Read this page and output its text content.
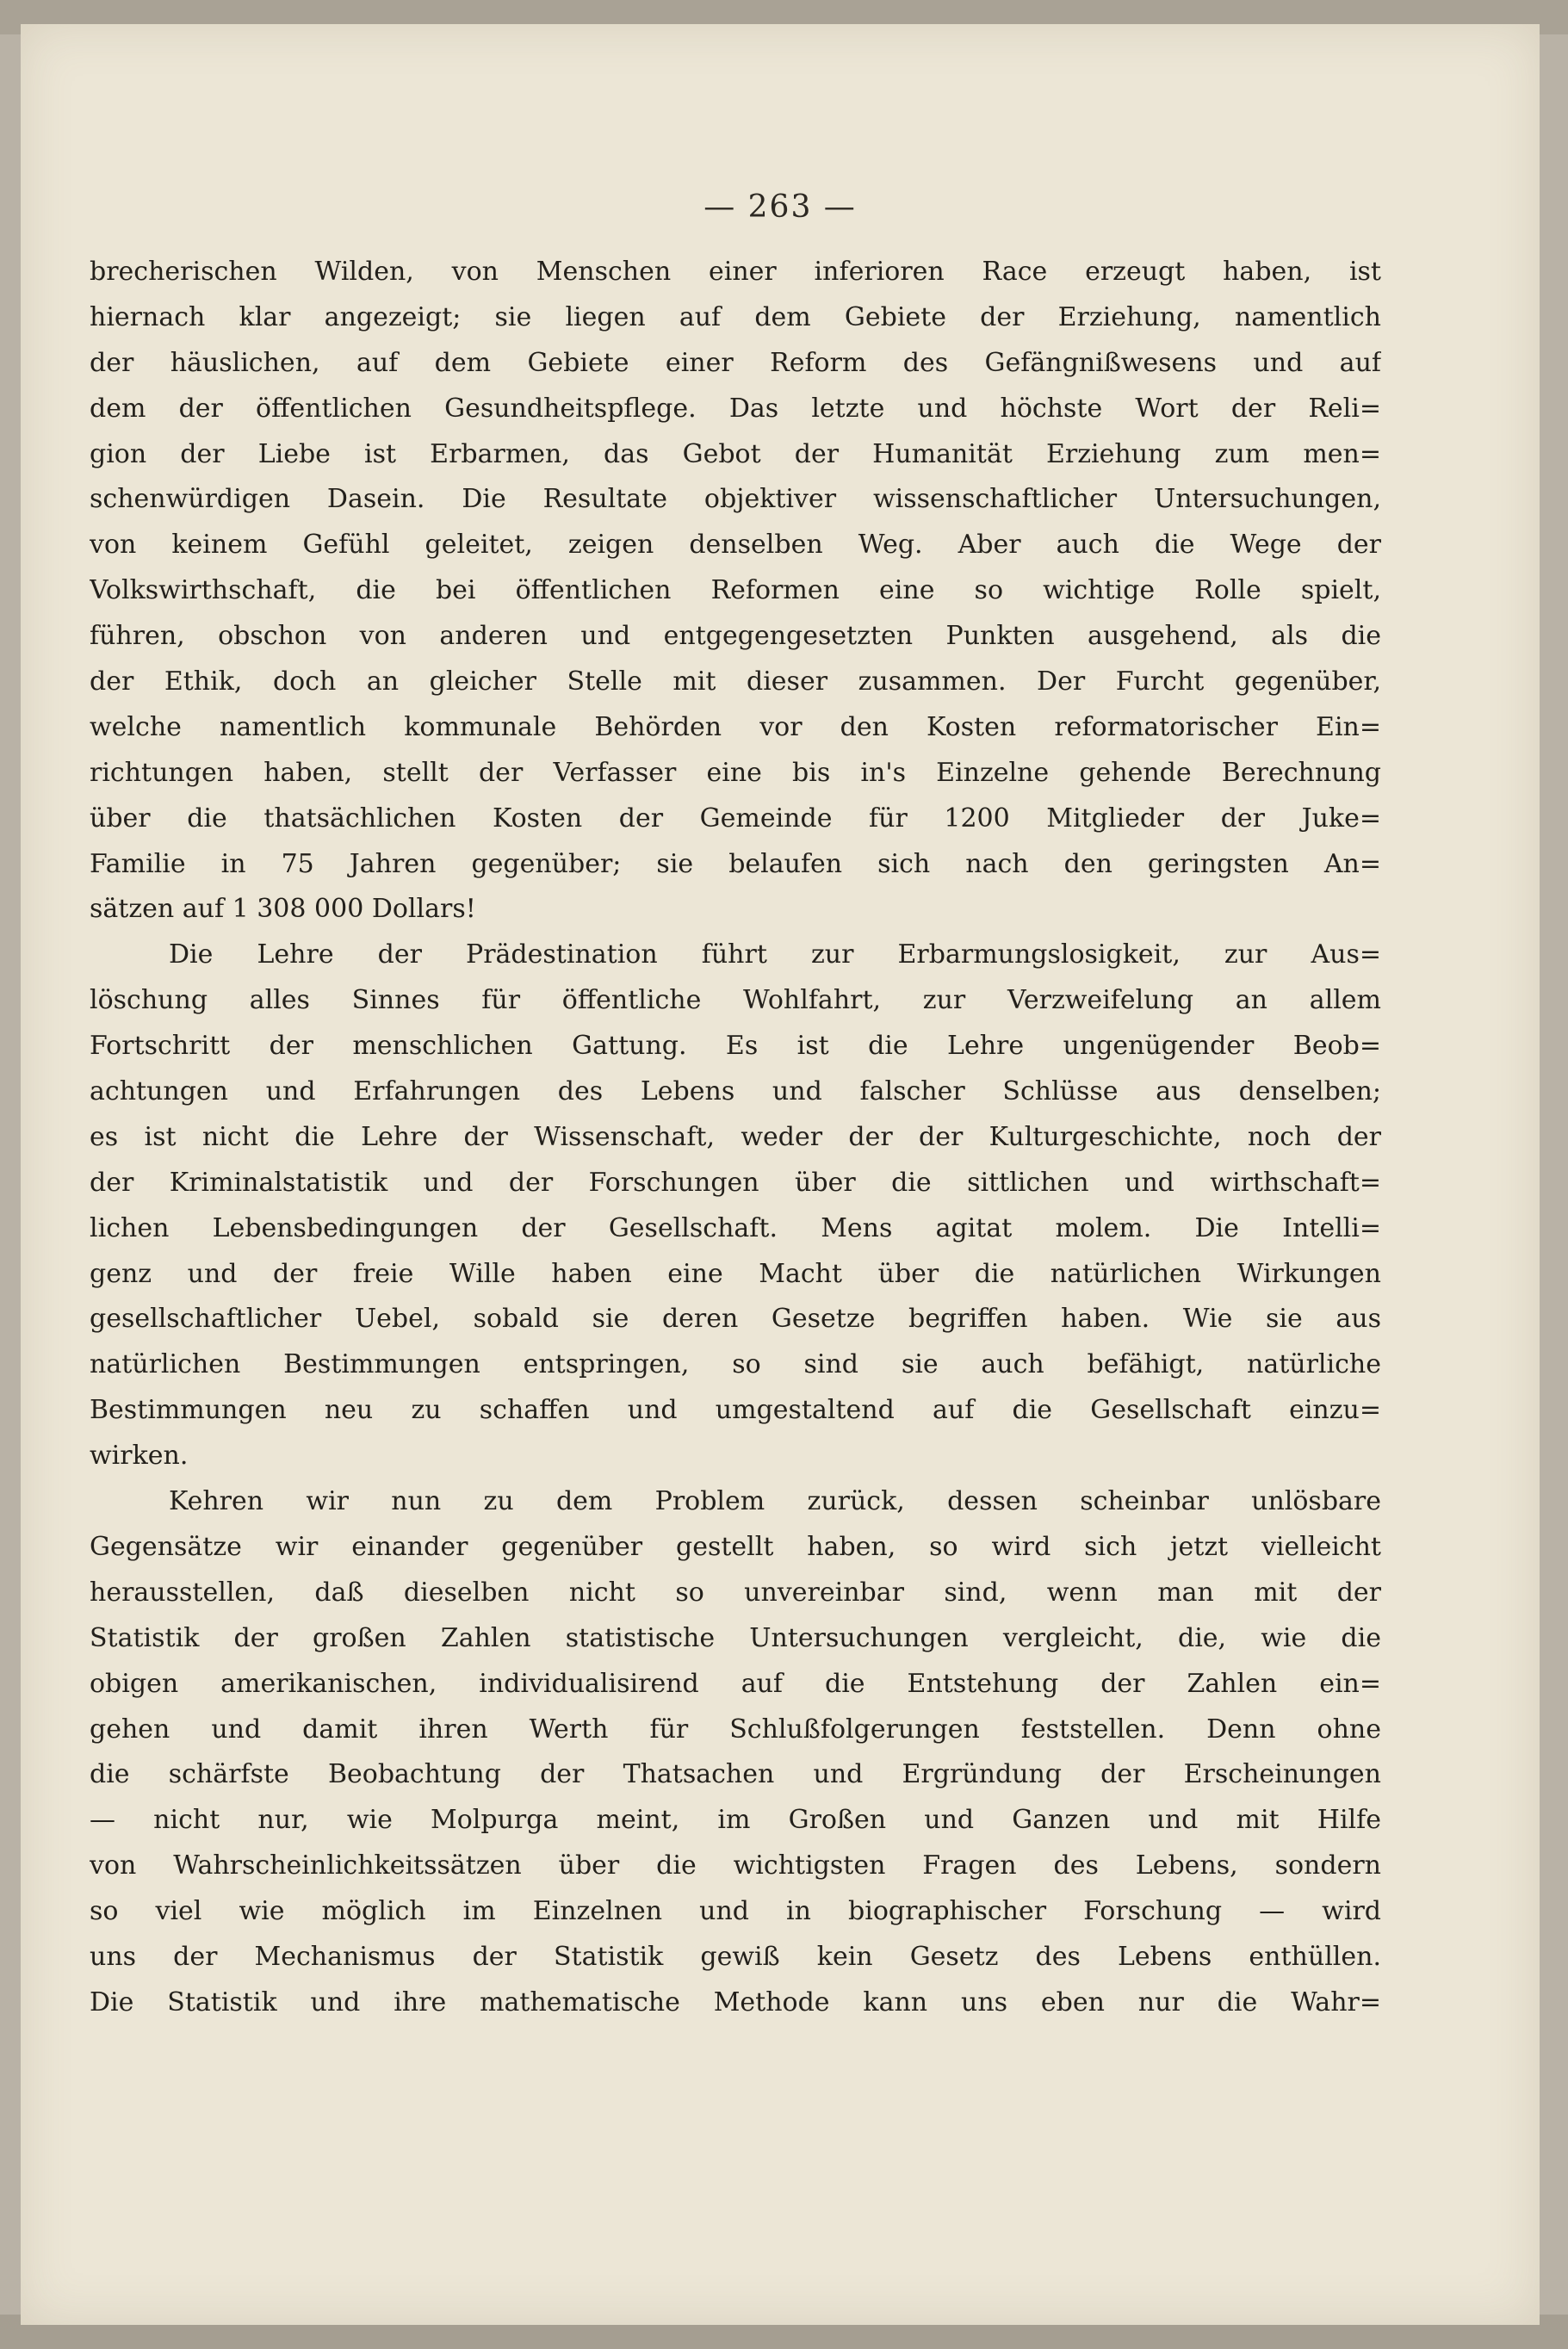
— 263 —
brecherischen Wilden, von Menschen einer inferioren Race erzeugt haben, ist
hiernach klar angezeigt; sie liegen auf dem Gebiete der Erziehung, namentlich
der häuslichen, auf dem Gebiete einer Reform des Gefängnißwesens und auf
dem der öffentlichen Gesundheitspflege. Das letzte und höchste Wort der Reli=
gion der Liebe ist Erbarmen, das Gebot der Humanität Erziehung zum men=
schenwürdigen Dasein. Die Resultate objektiver wissenschaftlicher Untersuchungen,
von keinem Gefühl geleitet, zeigen denselben Weg. Aber auch die Wege der
Volkswirthschaft, die bei öffentlichen Reformen eine so wichtige Rolle spielt,
führen, obschon von anderen und entgegengesetzten Punkten ausgehend, als die
der Ethik, doch an gleicher Stelle mit dieser zusammen. Der Furcht gegenüber,
welche namentlich kommunale Behörden vor den Kosten reformatorischer Ein=
richtungen haben, stellt der Verfasser eine bis in's Einzelne gehende Berechnung
über die thatsächlichen Kosten der Gemeinde für 1200 Mitglieder der Juke=
Familie in 75 Jahren gegenüber; sie belaufen sich nach den geringsten An=
sätzen auf 1 308 000 Dollars!
Die Lehre der Prädestination führt zur Erbarmungslosigkeit, zur Aus=
löschung alles Sinnes für öffentliche Wohlfahrt, zur Verzweifelung an allem
Fortschritt der menschlichen Gattung. Es ist die Lehre ungenügender Beob=
achtungen und Erfahrungen des Lebens und falscher Schlüsse aus denselben;
es ist nicht die Lehre der Wissenschaft, weder der der Kulturgeschichte, noch der
der Kriminalstatistik und der Forschungen über die sittlichen und wirthschaft=
lichen Lebensbedingungen der Gesellschaft. Mens agitat molem. Die Intelli=
genz und der freie Wille haben eine Macht über die natürlichen Wirkungen
gesellschaftlicher Uebel, sobald sie deren Gesetze begriffen haben. Wie sie aus
natürlichen Bestimmungen entspringen, so sind sie auch befähigt, natürliche
Bestimmungen neu zu schaffen und umgestaltend auf die Gesellschaft einzu=
wirken.
Kehren wir nun zu dem Problem zurück, dessen scheinbar unlösbare
Gegensätze wir einander gegenüber gestellt haben, so wird sich jetzt vielleicht
herausstellen, daß dieselben nicht so unvereinbar sind, wenn man mit der
Statistik der großen Zahlen statistische Untersuchungen vergleicht, die, wie die
obigen amerikanischen, individualisirend auf die Entstehung der Zahlen ein=
gehen und damit ihren Werth für Schlußfolgerungen feststellen. Denn ohne
die schärfste Beobachtung der Thatsachen und Ergründung der Erscheinungen
— nicht nur, wie Molpurga meint, im Großen und Ganzen und mit Hilfe
von Wahrscheinlichkeitssätzen über die wichtigsten Fragen des Lebens, sondern
so viel wie möglich im Einzelnen und in biographischer Forschung — wird
uns der Mechanismus der Statistik gewiß kein Gesetz des Lebens enthüllen.
Die Statistik und ihre mathematische Methode kann uns eben nur die Wahr=
